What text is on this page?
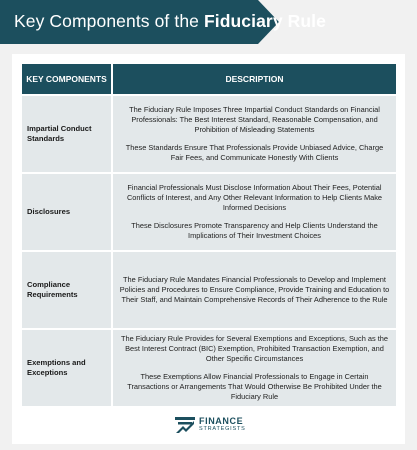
Key Components of the Fiduciary Rule
KEY COMPONENTS	DESCRIPTION
Impartial Conduct Standards

The Fiduciary Rule Imposes Three Impartial Conduct Standards on Financial Professionals: The Best Interest Standard, Reasonable Compensation, and Prohibition of Misleading Statements

These Standards Ensure That Professionals Provide Unbiased Advice, Charge Fair Fees, and Communicate Honestly With Clients

Disclosures

Financial Professionals Must Disclose Information About Their Fees, Potential Conflicts of Interest, and Any Other Relevant Information to Help Clients Make Informed Decisions

These Disclosures Promote Transparency and Help Clients Understand the Implications of Their Investment Choices

Compliance Requirements

The Fiduciary Rule Mandates Financial Professionals to Develop and Implement Policies and Procedures to Ensure Compliance, Provide Training and Education to Their Staff, and Maintain Comprehensive Records of Their Adherence to the Rule

Exemptions and Exceptions

The Fiduciary Rule Provides for Several Exemptions and Exceptions, Such as the Best Interest Contract (BIC) Exemption, Prohibited Transaction Exemption, and Other Specific Circumstances

These Exemptions Allow Financial Professionals to Engage in Certain Transactions or Arrangements That Would Otherwise Be Prohibited Under the Fiduciary Rule

FINANCE
STRATEGISTS
